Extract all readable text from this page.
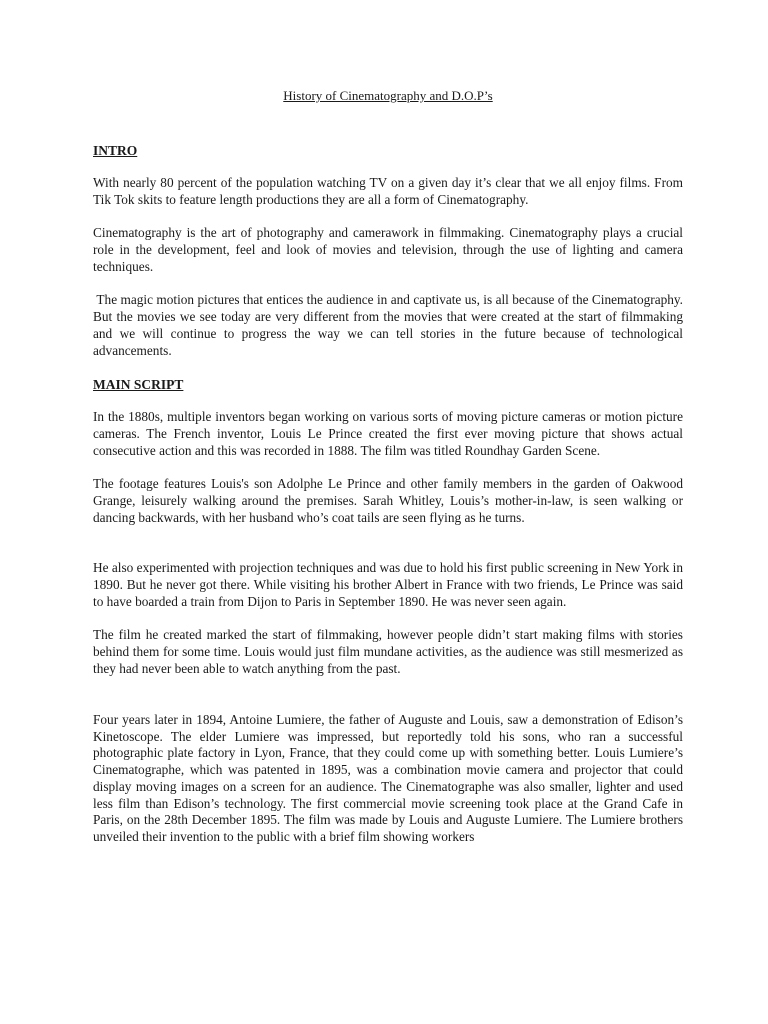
History of Cinematography and D.O.P’s
INTRO

With nearly 80 percent of the population watching TV on a given day it’s clear that we all enjoy films. From Tik Tok skits to feature length productions they are all a form of Cinematography.

Cinematography is the art of photography and camerawork in filmmaking. Cinematography plays a crucial role in the development, feel and look of movies and television, through the use of lighting and camera techniques.

The magic motion pictures that entices the audience in and captivate us, is all because of the Cinematography. But the movies we see today are very different from the movies that were created at the start of filmmaking and we will continue to progress the way we can tell stories in the future because of technological advancements.

MAIN SCRIPT

In the 1880s, multiple inventors began working on various sorts of moving picture cameras or motion picture cameras. The French inventor, Louis Le Prince created the first ever moving picture that shows actual consecutive action and this was recorded in 1888. The film was titled Roundhay Garden Scene.

The footage features Louis's son Adolphe Le Prince and other family members in the garden of Oakwood Grange, leisurely walking around the premises. Sarah Whitley, Louis’s mother-in-law, is seen walking or dancing backwards, with her husband who’s coat tails are seen flying as he turns.

He also experimented with projection techniques and was due to hold his first public screening in New York in 1890. But he never got there. While visiting his brother Albert in France with two friends, Le Prince was said to have boarded a train from Dijon to Paris in September 1890. He was never seen again.

The film he created marked the start of filmmaking, however people didn’t start making films with stories behind them for some time. Louis would just film mundane activities, as the audience was still mesmerized as they had never been able to watch anything from the past.

Four years later in 1894, Antoine Lumiere, the father of Auguste and Louis, saw a demonstration of Edison’s Kinetoscope. The elder Lumiere was impressed, but reportedly told his sons, who ran a successful photographic plate factory in Lyon, France, that they could come up with something better. Louis Lumiere’s Cinematographe, which was patented in 1895, was a combination movie camera and projector that could display moving images on a screen for an audience. The Cinematographe was also smaller, lighter and used less film than Edison’s technology. The first commercial movie screening took place at the Grand Cafe in Paris, on the 28th December 1895. The film was made by Louis and Auguste Lumiere. The Lumiere brothers unveiled their invention to the public with a brief film showing workers
